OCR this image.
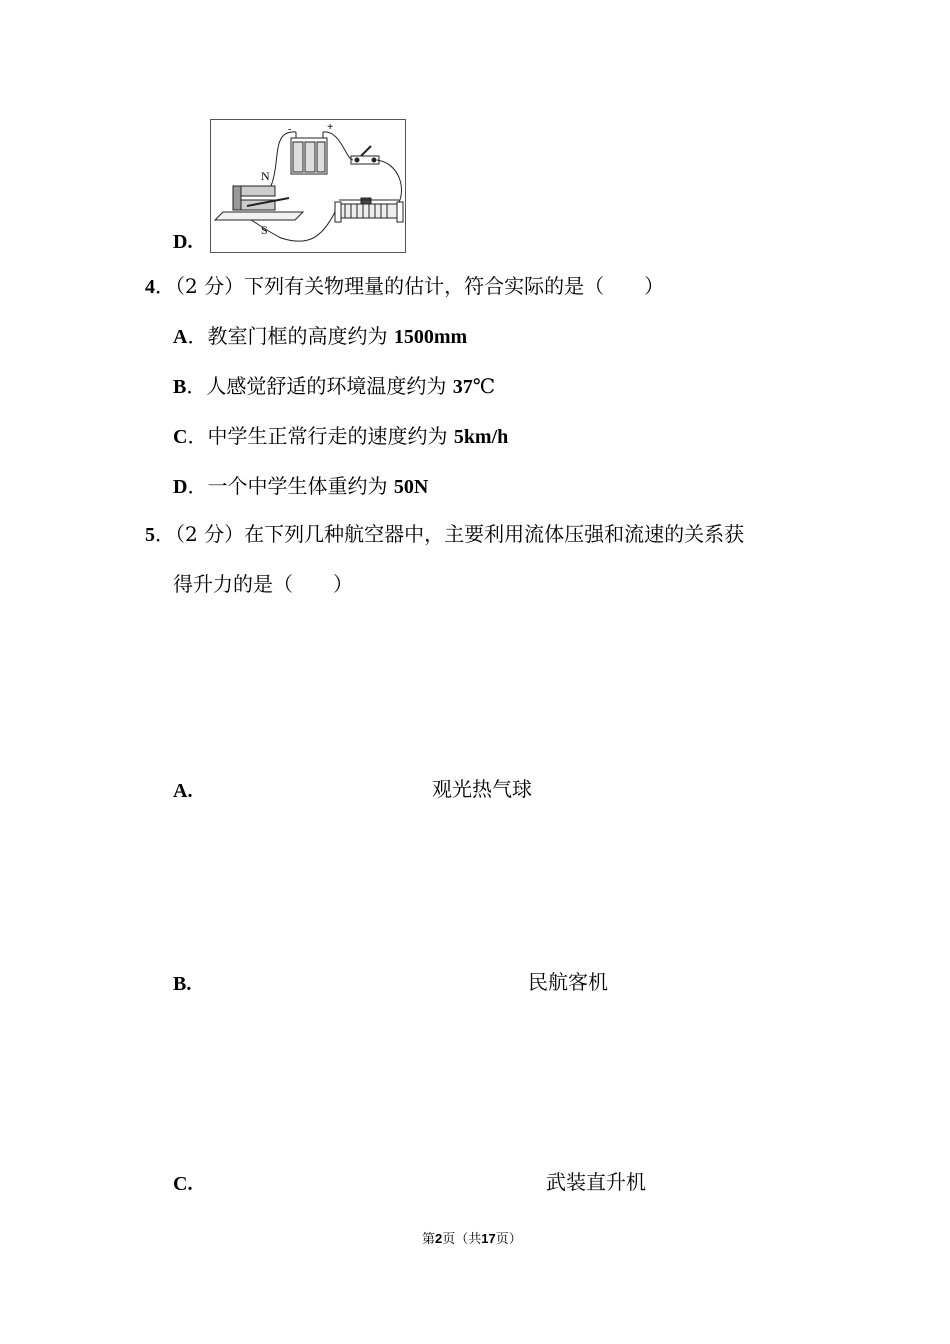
D.
-	+
N
S
4．（2 分）下列有关物理量的估计，符合实际的是（　　）
A．教室门框的高度约为 1500mm
B．人感觉舒适的环境温度约为 37℃
C．中学生正常行走的速度约为 5km/h
D．一个中学生体重约为 50N
5．（2 分）在下列几种航空器中，主要利用流体压强和流速的关系获
得升力的是（　　）
A.	观光热气球
B.	民航客机
C.	武装直升机
第2页（共17页）
